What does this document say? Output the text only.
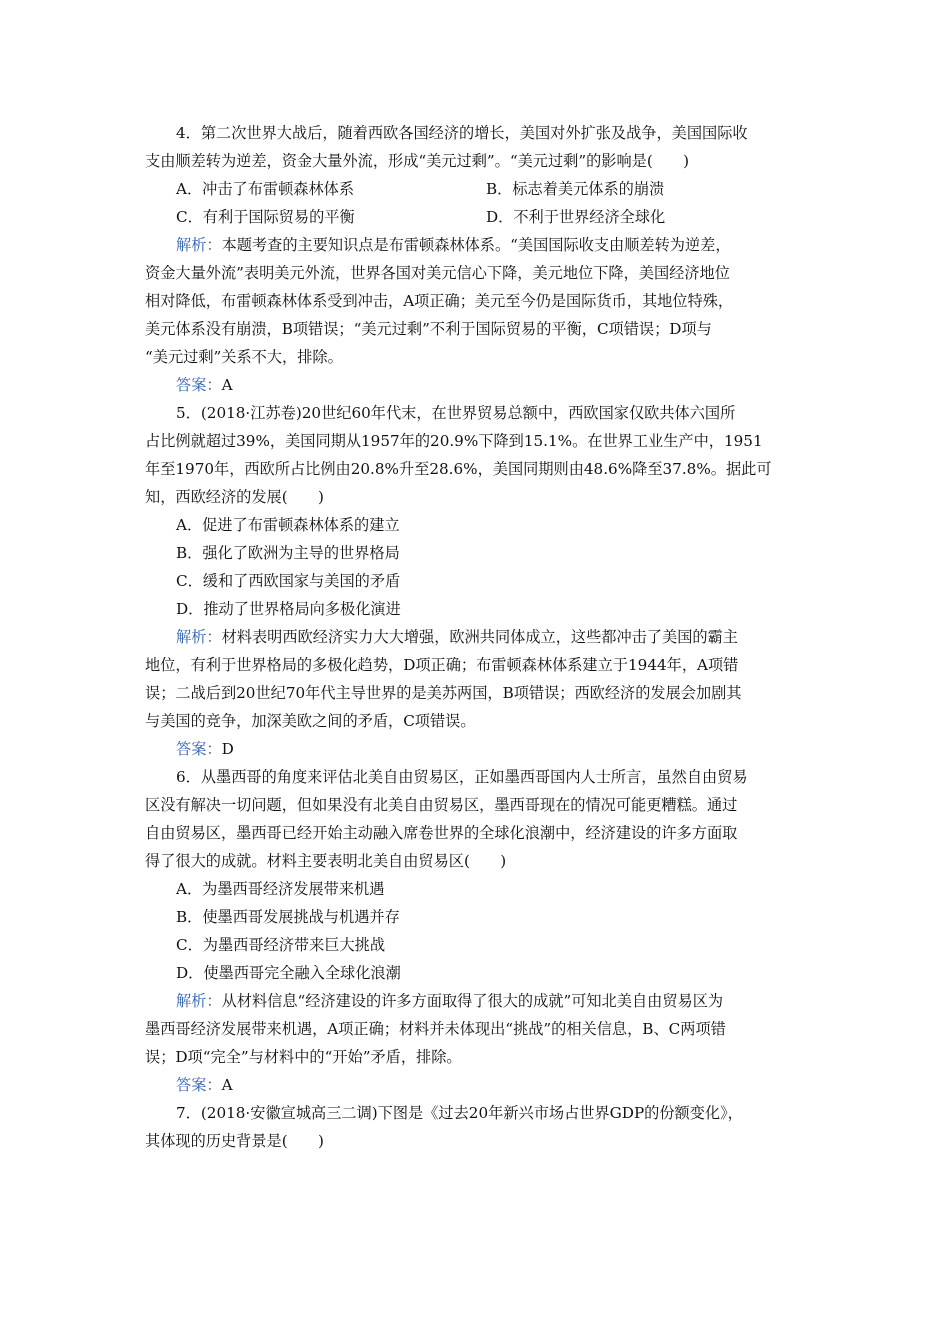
4．第二次世界大战后，随着西欧各国经济的增长，美国对外扩张及战争，美国国际收
支由顺差转为逆差，资金大量外流，形成“美元过剩”。“美元过剩”的影响是(　　)
A．冲击了布雷顿森林体系	B．标志着美元体系的崩溃
C．有利于国际贸易的平衡	D．不利于世界经济全球化
解析：本题考查的主要知识点是布雷顿森林体系。“美国国际收支由顺差转为逆差，
资金大量外流”表明美元外流，世界各国对美元信心下降，美元地位下降，美国经济地位
相对降低，布雷顿森林体系受到冲击，A项正确；美元至今仍是国际货币，其地位特殊，
美元体系没有崩溃，B项错误；“美元过剩”不利于国际贸易的平衡，C项错误；D项与
“美元过剩”关系不大，排除。
答案：A
5．(2018·江苏卷)20世纪60年代末，在世界贸易总额中，西欧国家仅欧共体六国所
占比例就超过39%，美国同期从1957年的20.9%下降到15.1%。在世界工业生产中，1951
年至1970年，西欧所占比例由20.8%升至28.6%，美国同期则由48.6%降至37.8%。据此可
知，西欧经济的发展(　　)
A．促进了布雷顿森林体系的建立
B．强化了欧洲为主导的世界格局
C．缓和了西欧国家与美国的矛盾
D．推动了世界格局向多极化演进
解析：材料表明西欧经济实力大大增强，欧洲共同体成立，这些都冲击了美国的霸主
地位，有利于世界格局的多极化趋势，D项正确；布雷顿森林体系建立于1944年，A项错
误；二战后到20世纪70年代主导世界的是美苏两国，B项错误；西欧经济的发展会加剧其
与美国的竞争，加深美欧之间的矛盾，C项错误。
答案：D
6．从墨西哥的角度来评估北美自由贸易区，正如墨西哥国内人士所言，虽然自由贸易
区没有解决一切问题，但如果没有北美自由贸易区，墨西哥现在的情况可能更糟糕。通过
自由贸易区，墨西哥已经开始主动融入席卷世界的全球化浪潮中，经济建设的许多方面取
得了很大的成就。材料主要表明北美自由贸易区(　　)
A．为墨西哥经济发展带来机遇
B．使墨西哥发展挑战与机遇并存
C．为墨西哥经济带来巨大挑战
D．使墨西哥完全融入全球化浪潮
解析：从材料信息“经济建设的许多方面取得了很大的成就”可知北美自由贸易区为
墨西哥经济发展带来机遇，A项正确；材料并未体现出“挑战”的相关信息，B、C两项错
误；D项“完全”与材料中的“开始”矛盾，排除。
答案：A
7．(2018·安徽宣城高三二调)下图是《过去20年新兴市场占世界GDP的份额变化》，
其体现的历史背景是(　　)
